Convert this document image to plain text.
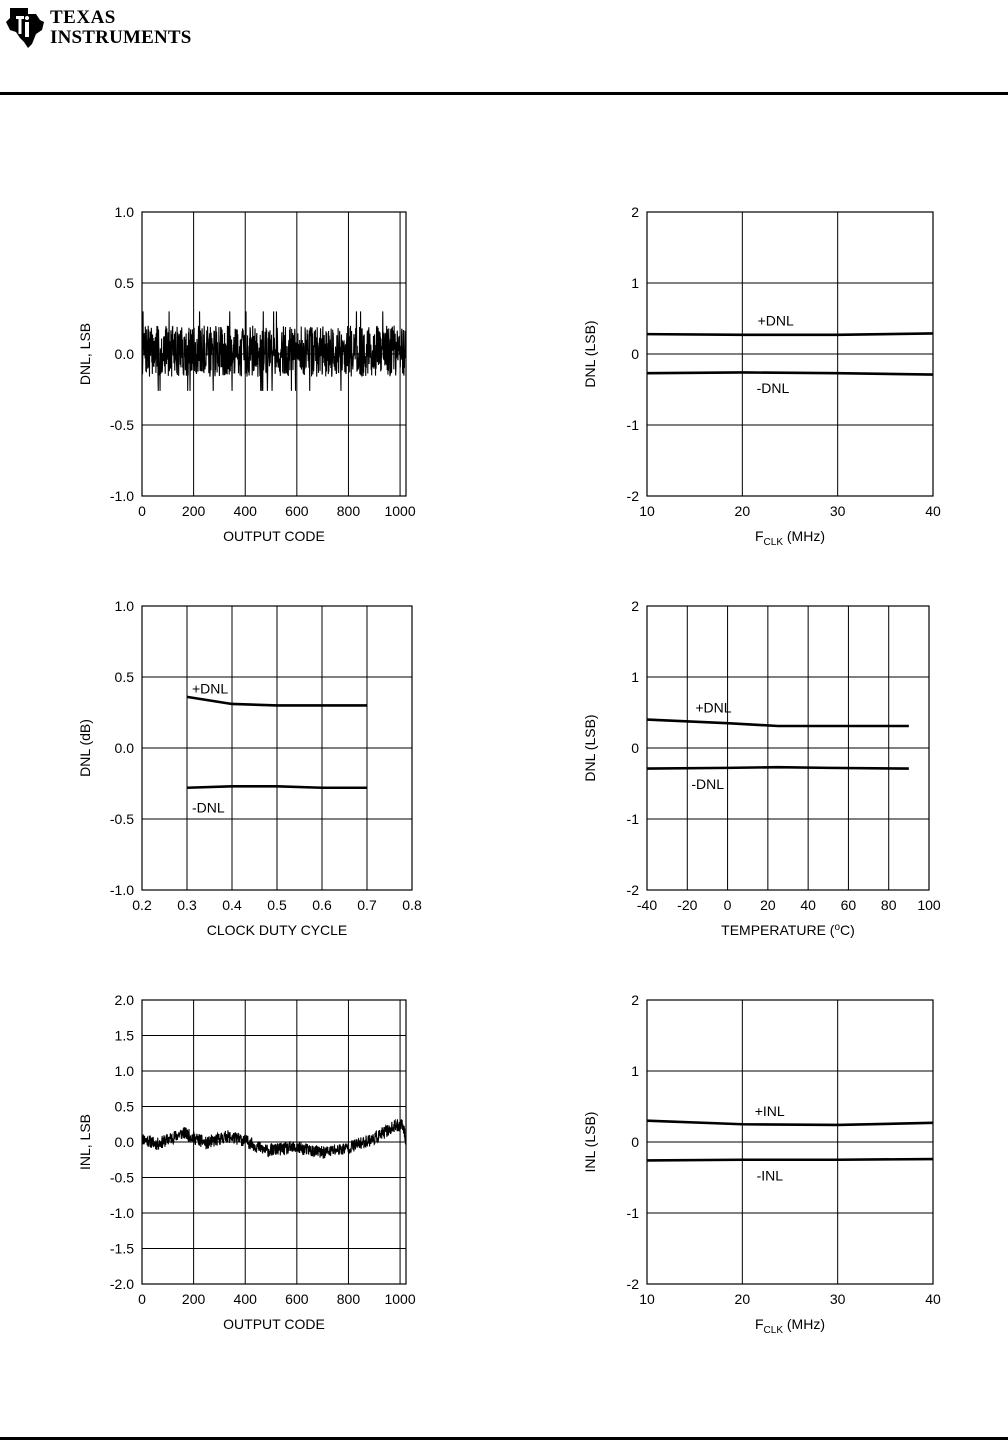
TEXAS
INSTRUMENTS
0	200 400 600 800 1000
-1.0
-0.5
0.0
0.5
1.0
OUTPUT CODE
DNL, LSB
10	20	30	40
-2
-1
0
1
2
$F_{CLK}$ (MHz)
DNL (LSB)	+DNL
-DNL
0.2 0.3 0.4 0.5 0.6 0.7 0.8
-1.0
-0.5
0.0
0.5
1.0
CLOCK DUTY CYCLE
DNL (dB)
+DNL
-DNL
-40 -20 0 20 40 60 80 100
-2
-1
0
1
2
TEMPERATURE ($^o$C)
DNL (LSB)
+DNL
-DNL
0	200 400 600 800 1000
-2.0
-1.5
-1.0
-0.5
0.0
0.5
1.0
1.5
2.0
OUTPUT CODE
INL, LSB
10	20	30	40
-2
-1
0
1
2
$F_{CLK}$ (MHz)
INL (LSB)
+INL
-INL
